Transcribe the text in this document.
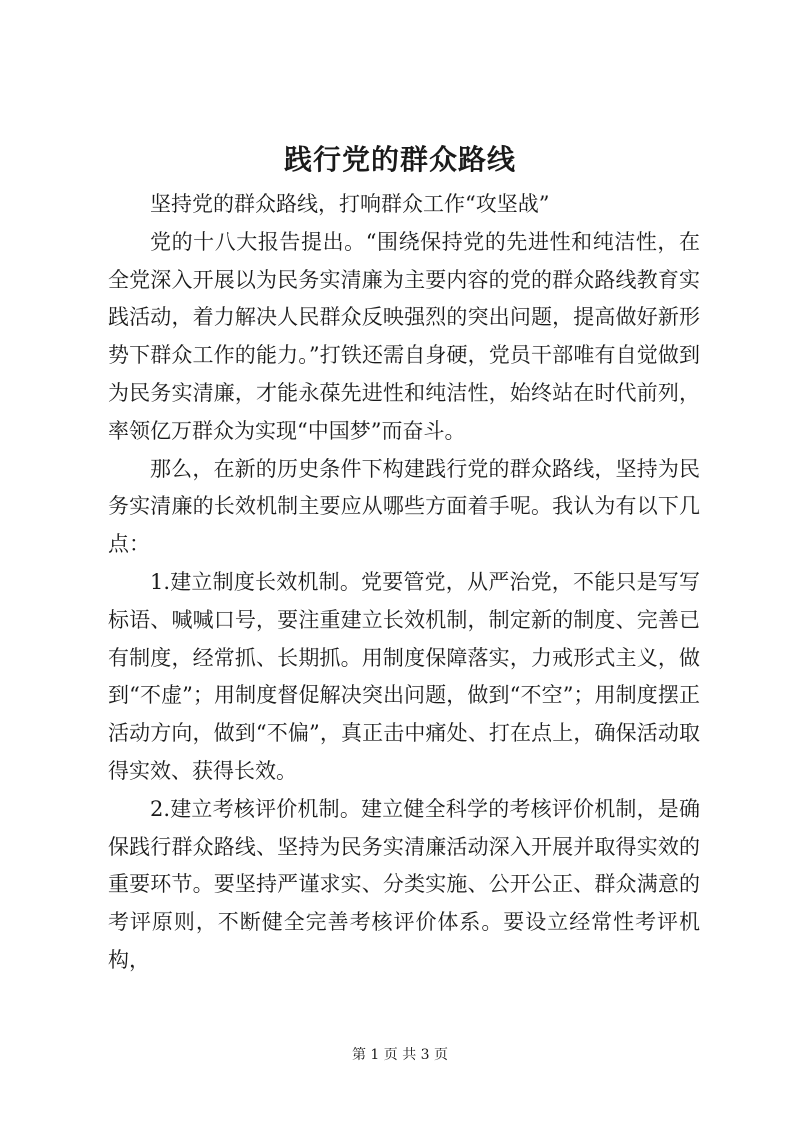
践行党的群众路线

坚持党的群众路线，打响群众工作“攻坚战”

党的十八大报告提出。“围绕保持党的先进性和纯洁性，在全党深入开展以为民务实清廉为主要内容的党的群众路线教育实践活动，着力解决人民群众反映强烈的突出问题，提高做好新形势下群众工作的能力。”打铁还需自身硬，党员干部唯有自觉做到为民务实清廉，才能永葆先进性和纯洁性，始终站在时代前列，率领亿万群众为实现“中国梦”而奋斗。

那么，在新的历史条件下构建践行党的群众路线，坚持为民务实清廉的长效机制主要应从哪些方面着手呢。我认为有以下几点：

1.建立制度长效机制。党要管党，从严治党，不能只是写写标语、喊喊口号，要注重建立长效机制，制定新的制度、完善已有制度，经常抓、长期抓。用制度保障落实，力戒形式主义，做到“不虚”；用制度督促解决突出问题，做到“不空”；用制度摆正活动方向，做到“不偏”，真正击中痛处、打在点上，确保活动取得实效、获得长效。

2.建立考核评价机制。建立健全科学的考核评价机制，是确保践行群众路线、坚持为民务实清廉活动深入开展并取得实效的重要环节。要坚持严谨求实、分类实施、公开公正、群众满意的考评原则，不断健全完善考核评价体系。要设立经常性考评机构，

第 1 页 共 3 页
